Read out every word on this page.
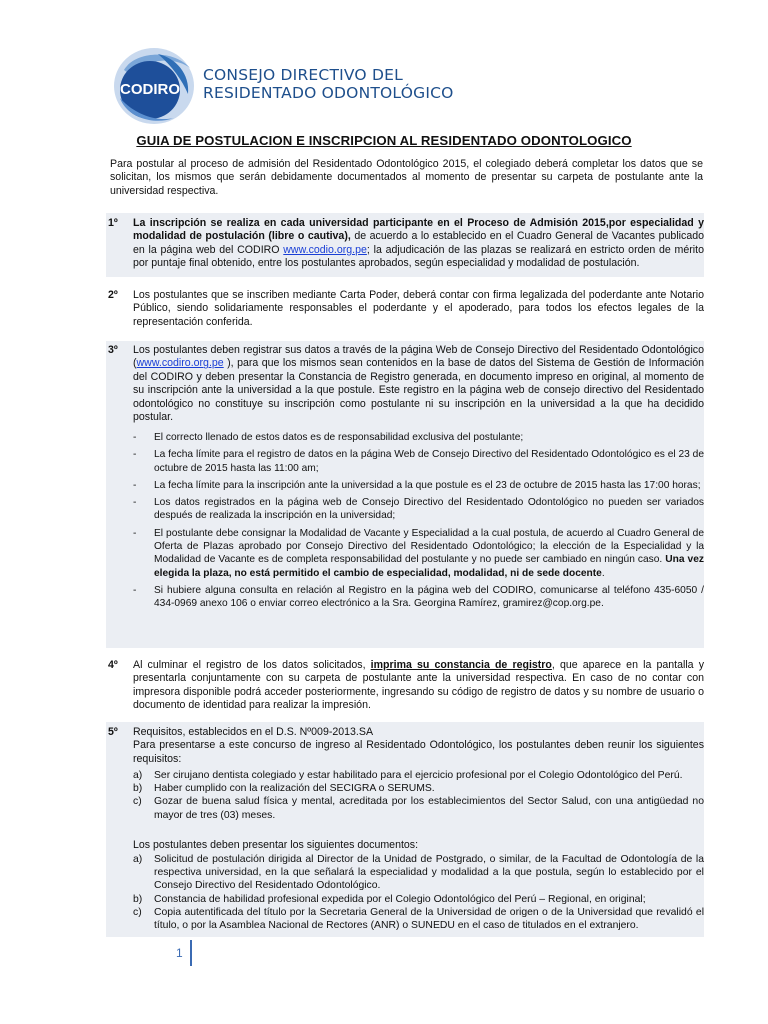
CODIRO
CONSEJO DIRECTIVO DEL
RESIDENTADO ODONTOLÓGICO
GUIA DE POSTULACION E INSCRIPCION AL RESIDENTADO ODONTOLOGICO
Para postular al proceso de admisión del Residentado Odontológico 2015, el colegiado deberá completar los datos que se solicitan, los mismos que serán debidamente documentados al momento de presentar su carpeta de postulante ante la universidad respectiva.
1º La inscripción se realiza en cada universidad participante en el Proceso de Admisión 2015,por especialidad y modalidad de postulación (libre o cautiva), de acuerdo a lo establecido en el Cuadro General de Vacantes publicado en la página web del CODIRO www.codio.org.pe; la adjudicación de las plazas se realizará en estricto orden de mérito por puntaje final obtenido, entre los postulantes aprobados, según especialidad y modalidad de postulación.

2º Los postulantes que se inscriben mediante Carta Poder, deberá contar con firma legalizada del poderdante ante Notario Público, siendo solidariamente responsables el poderdante y el apoderado, para todos los efectos legales de la representación conferida.
3º Los postulantes deben registrar sus datos a través de la página Web de Consejo Directivo del Residentado Odontológico (www.codiro.org.pe ), para que los mismos sean contenidos en la base de datos del Sistema de Gestión de Información del CODIRO y deben presentar la Constancia de Registro generada, en documento impreso en original, al momento de su inscripción ante la universidad a la que postule. Este registro en la página web de consejo directivo del Residentado odontológico no constituye su inscripción como postulante ni su inscripción en la universidad a la que ha decidido postular.

- El correcto llenado de estos datos es de responsabilidad exclusiva del postulante;
- La fecha límite para el registro de datos en la página Web de Consejo Directivo del Residentado Odontológico es el 23 de octubre de 2015 hasta las 11:00 am;
- La fecha límite para la inscripción ante la universidad a la que postule es el 23 de octubre de 2015 hasta las 17:00 horas;
- Los datos registrados en la página web de Consejo Directivo del Residentado Odontológico no pueden ser variados después de realizada la inscripción en la universidad;
- El postulante debe consignar la Modalidad de Vacante y Especialidad a la cual postula, de acuerdo al Cuadro General de Oferta de Plazas aprobado por Consejo Directivo del Residentado Odontológico; la elección de la Especialidad y la Modalidad de Vacante es de completa responsabilidad del postulante y no puede ser cambiado en ningún caso. Una vez elegida la plaza, no está permitido el cambio de especialidad, modalidad, ni de sede docente.
- Si hubiere alguna consulta en relación al Registro en la página web del CODIRO, comunicarse al teléfono 435-6050 / 434-0969 anexo 106 o enviar correo electrónico a la Sra. Georgina Ramírez, gramirez@cop.org.pe.
4º Al culminar el registro de los datos solicitados, imprima su constancia de registro, que aparece en la pantalla y presentarla conjuntamente con su carpeta de postulante ante la universidad respectiva. En caso de no contar con impresora disponible podrá acceder posteriormente, ingresando su código de registro de datos y su nombre de usuario o documento de identidad para realizar la impresión.

5º Requisitos, establecidos en el D.S. Nº009-2013.SA

Para presentarse a este concurso de ingreso al Residentado Odontológico, los postulantes deben reunir los siguientes requisitos:

a) Ser cirujano dentista colegiado y estar habilitado para el ejercicio profesional por el Colegio Odontológico del Perú.
b) Haber cumplido con la realización del SECIGRA o SERUMS.
c) Gozar de buena salud física y mental, acreditada por los establecimientos del Sector Salud, con una antigüedad no mayor de tres (03) meses.
Los postulantes deben presentar los siguientes documentos:
a) Solicitud de postulación dirigida al Director de la Unidad de Postgrado, o similar, de la Facultad de Odontología de la respectiva universidad, en la que señalará la especialidad y modalidad a la que postula, según lo establecido por el Consejo Directivo del Residentado Odontológico.
b) Constancia de habilidad profesional expedida por el Colegio Odontológico del Perú – Regional, en original;
c) Copia autentificada del título por la Secretaria General de la Universidad de origen o de la Universidad que revalidó el título, o por la Asamblea Nacional de Rectores (ANR) o SUNEDU en el caso de titulados en el extranjero.
1
